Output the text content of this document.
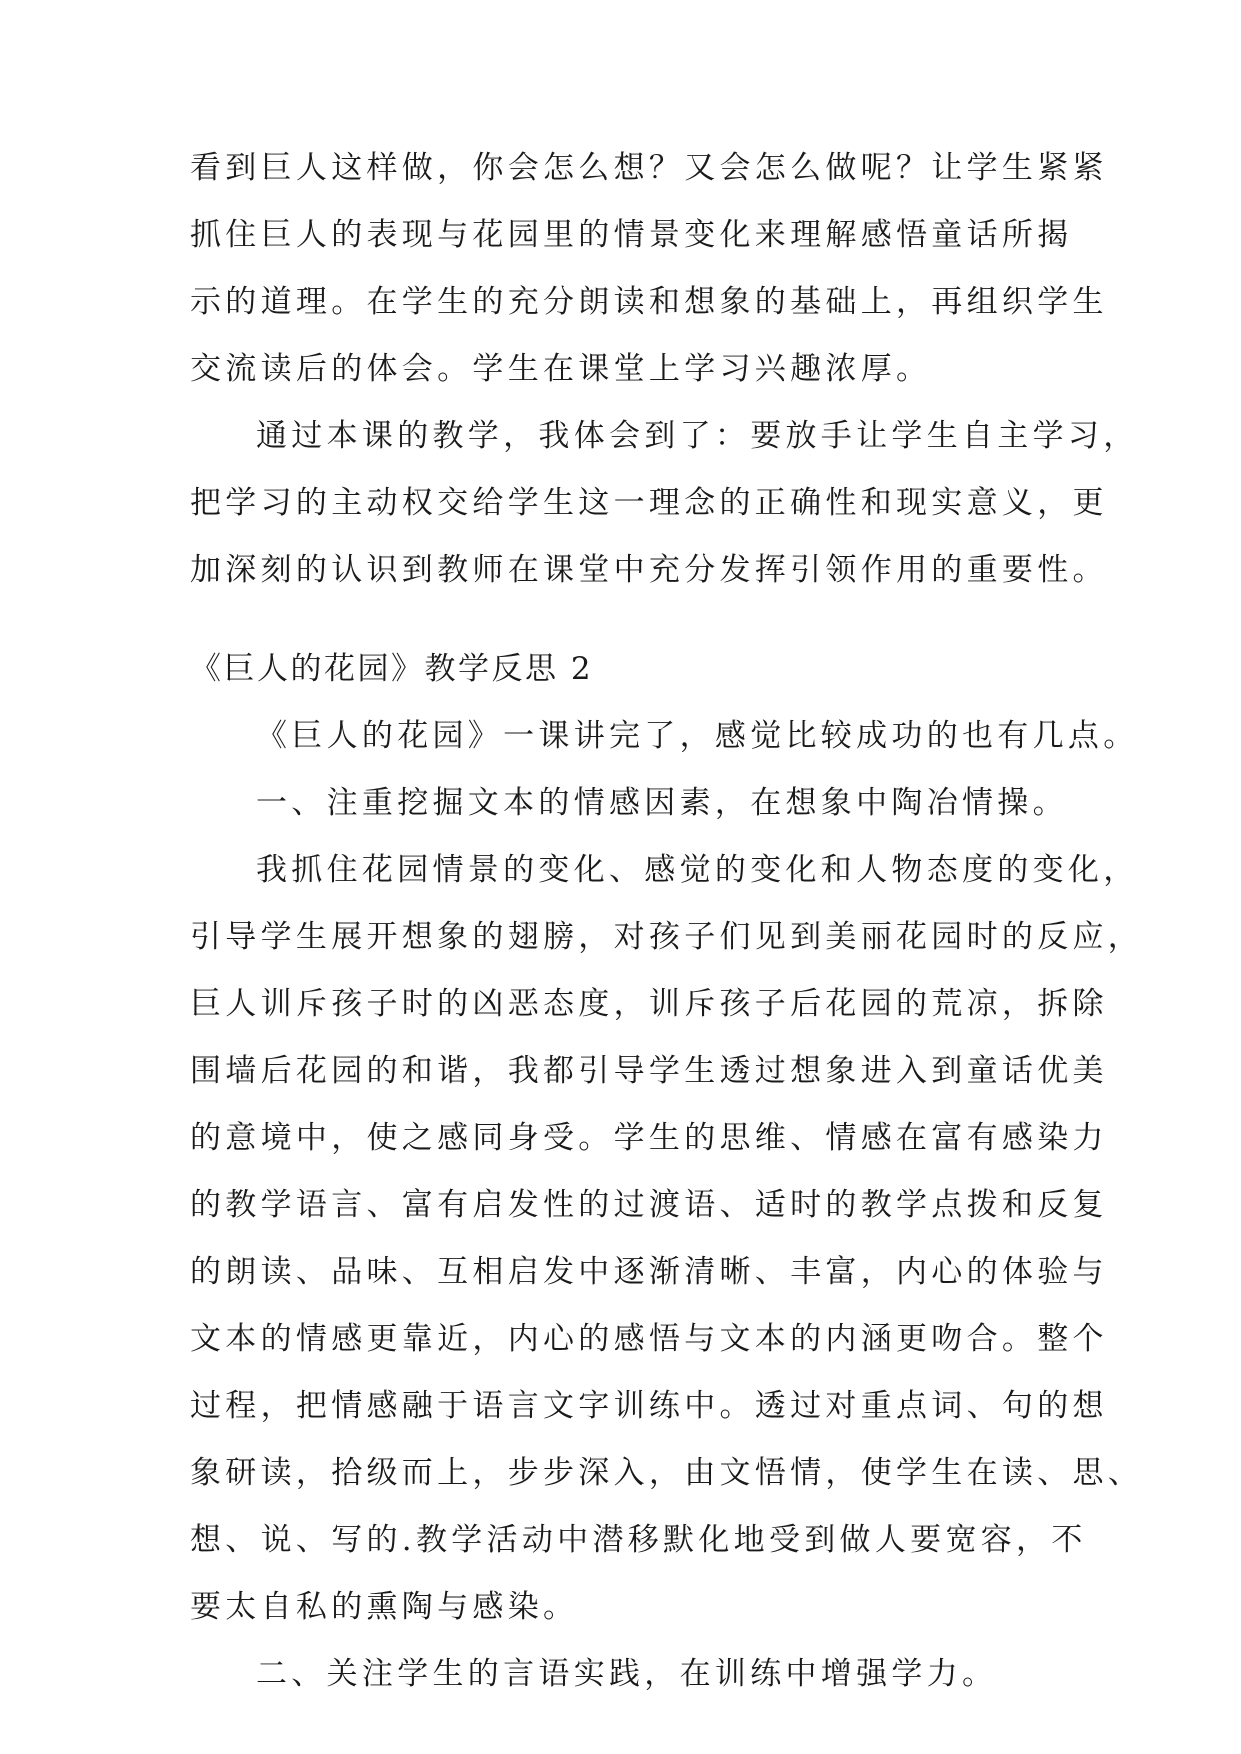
看到巨人这样做，你会怎么想？又会怎么做呢？让学生紧紧
抓住巨人的表现与花园里的情景变化来理解感悟童话所揭
示的道理。在学生的充分朗读和想象的基础上，再组织学生
交流读后的体会。学生在课堂上学习兴趣浓厚。
通过本课的教学，我体会到了：要放手让学生自主学习，
把学习的主动权交给学生这一理念的正确性和现实意义，更
加深刻的认识到教师在课堂中充分发挥引领作用的重要性。
《巨人的花园》教学反思 2
《巨人的花园》一课讲完了，感觉比较成功的也有几点。
一、注重挖掘文本的情感因素，在想象中陶冶情操。
我抓住花园情景的变化、感觉的变化和人物态度的变化，
引导学生展开想象的翅膀，对孩子们见到美丽花园时的反应，
巨人训斥孩子时的凶恶态度，训斥孩子后花园的荒凉，拆除
围墙后花园的和谐，我都引导学生透过想象进入到童话优美
的意境中，使之感同身受。学生的思维、情感在富有感染力
的教学语言、富有启发性的过渡语、适时的教学点拨和反复
的朗读、品味、互相启发中逐渐清晰、丰富，内心的体验与
文本的情感更靠近，内心的感悟与文本的内涵更吻合。整个
过程，把情感融于语言文字训练中。透过对重点词、句的想
象研读，拾级而上，步步深入，由文悟情，使学生在读、思、
想、说、写的.教学活动中潜移默化地受到做人要宽容，不
要太自私的熏陶与感染。
二、关注学生的言语实践，在训练中增强学力。
